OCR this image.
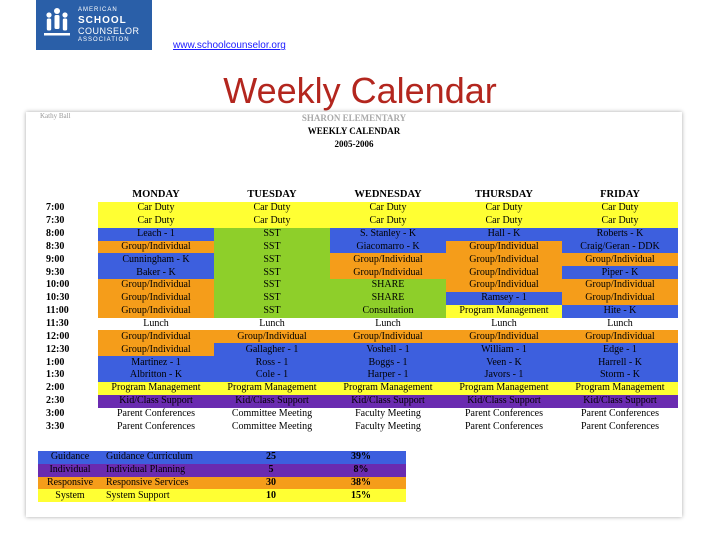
AMERICAN
SCHOOL
COUNSELOR
ASSOCIATION	www.schoolcounselor.org
Weekly Calendar
Kathy Ball	SHARON ELEMENTARY
WEEKLY CALENDAR
2005-2006
	MONDAY	TUESDAY	WEDNESDAY	THURSDAY	FRIDAY
7:00	Car Duty	Car Duty	Car Duty	Car Duty	Car Duty
7:30	Car Duty	Car Duty	Car Duty	Car Duty	Car Duty
8:00	Leach - 1	SST	S. Stanley - K	Hall - K	Roberts - K
8:30	Group/Individual	SST	Giacomarro - K	Group/Individual	Craig/Geran - DDK
9:00	Cunningham - K	SST	Group/Individual	Group/Individual	Group/Individual
9:30	Baker - K	SST	Group/Individual	Group/Individual	Piper - K
10:00	Group/Individual	SST	SHARE	Group/Individual	Group/Individual
10:30	Group/Individual	SST	SHARE	Ramsey - 1	Group/Individual
11:00	Group/Individual	SST	Consultation	Program Management	Hite - K
11:30	Lunch	Lunch	Lunch	Lunch	Lunch
12:00	Group/Individual	Group/Individual	Group/Individual	Group/Individual	Group/Individual
12:30	Group/Individual	Gallagher - 1	Voshell - 1	William - 1	Edge - 1
1:00	Martinez - 1	Ross - 1	Boggs - 1	Veen - K	Harrell - K
1:30	Albritton - K	Cole - 1	Harper - 1	Javors - 1	Storm - K
2:00	Program Management	Program Management	Program Management	Program Management	Program Management
2:30	Kid/Class Support	Kid/Class Support	Kid/Class Support	Kid/Class Support	Kid/Class Support
3:00	Parent Conferences	Committee Meeting	Faculty Meeting	Parent Conferences	Parent Conferences
3:30	Parent Conferences	Committee Meeting	Faculty Meeting	Parent Conferences	Parent Conferences
Guidance	Guidance Curriculum	25	39%
Individual	Individual Planning	5	8%
Responsive	Responsive Services	30	38%
System	System Support	10	15%
